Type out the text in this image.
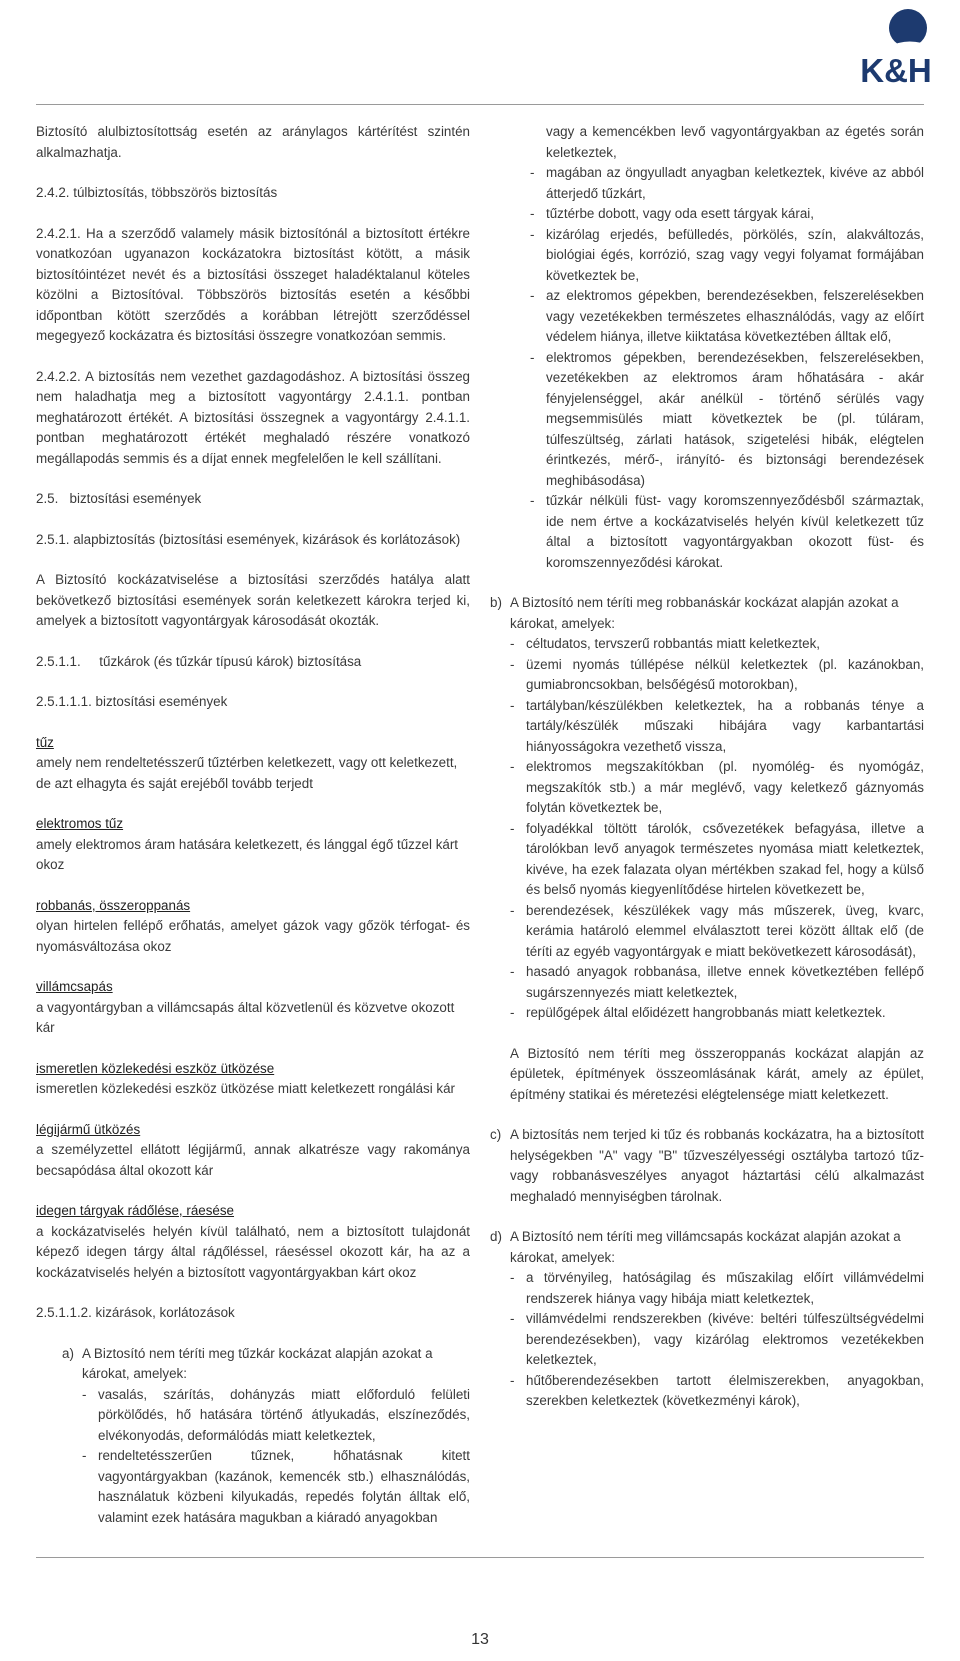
K&H

Biztosító alulbiztosítottság esetén az aránylagos kártérítést szintén alkalmazhatja.

2.4.2. túlbiztosítás, többszörös biztosítás

2.4.2.1. Ha a szerződő valamely másik biztosítónál a biztosított értékre vonatkozóan ugyanazon kockázatokra biztosítást kötött, a másik biztosítóintézet nevét és a biztosítási összeget haladéktalanul köteles közölni a Biztosítóval. Többszörös biztosítás esetén a későbbi időpontban kötött szerződés a korábban létrejött szerződéssel megegyező kockázatra és biztosítási összegre vonatkozóan semmis.

2.4.2.2. A biztosítás nem vezethet gazdagodáshoz. A biztosítási összeg nem haladhatja meg a biztosított vagyontárgy 2.4.1.1. pontban meghatározott értékét. A biztosítási összegnek a vagyontárgy 2.4.1.1. pontban meghatározott értékét meghaladó részére vonatkozó megállapodás semmis és a díjat ennek megfelelően le kell szállítani.

2.5. biztosítási események

2.5.1. alapbiztosítás (biztosítási események, kizárások és korlátozások)

A Biztosító kockázatviselése a biztosítási szerződés hatálya alatt bekövetkező biztosítási események során keletkezett károkra terjed ki, amelyek a biztosított vagyontárgyak károsodását okozták.

2.5.1.1. tűzkárok (és tűzkár típusú károk) biztosítása

2.5.1.1.1. biztosítási események

tűz

amely nem rendeltetésszerű tűztérben keletkezett, vagy ott keletkezett, de azt elhagyta és saját erejéből tovább terjedt

elektromos tűz

amely elektromos áram hatására keletkezett, és lánggal égő tűzzel kárt okoz

robbanás, összeroppanás

olyan hirtelen fellépő erőhatás, amelyet gázok vagy gőzök térfogat- és nyomásváltozása okoz

villámcsapás

a vagyontárgyban a villámcsapás által közvetlenül és közvetve okozott kár

ismeretlen közlekedési eszköz ütközése

ismeretlen közlekedési eszköz ütközése miatt keletkezett rongálási kár

légijármű ütközés

a személyzettel ellátott légijármű, annak alkatrésze vagy rakománya becsapódása által okozott kár

idegen tárgyak rádőlése, ráesése

a kockázatviselés helyén kívül található, nem a biztosított tulajdonát képező idegen tárgy által ráдőléssel, ráeséssel okozott kár, ha az a kockázatviselés helyén a biztosított vagyontárgyakban kárt okoz

2.5.1.1.2. kizárások, korlátozások

a) A Biztosító nem téríti meg tűzkár kockázat alapján azokat a károkat, amelyek:

- vasalás, szárítás, dohányzás miatt előforduló felületi pörkölődés, hő hatására történő átlyukadás, elszíneződés, elvékonyodás, deformálódás miatt keletkeztek,
- rendeltetésszerűen tűznek, hőhatásnak kitett vagyontárgyakban (kazánok, kemencék stb.) elhasználódás, használatuk közbeni kilyukadás, repedés folytán álltak elő, valamint ezek hatására magukban a kiáradó anyagokban

vagy a kemencékben levő vagyontárgyakban az égetés során keletkeztek,

- magában az öngyulladt anyagban keletkeztek, kivéve az abból átterjedő tűzkárt,
- tűztérbe dobott, vagy oda esett tárgyak kárai,
- kizárólag erjedés, befülledés, pörkölés, szín, alakváltozás, biológiai égés, korrózió, szag vagy vegyi folyamat formájában következtek be,
- az elektromos gépekben, berendezésekben, felszerelésekben vagy vezetékekben természetes elhasználódás, vagy az előírt védelem hiánya, illetve kiiktatása következtében álltak elő,
- elektromos gépekben, berendezésekben, felszerelésekben, vezetékekben az elektromos áram hőhatására - akár fényjelenséggel, akár anélkül - történő sérülés vagy megsemmisülés miatt következtek be (pl. túláram, túlfeszültség, zárlati hatások, szigetelési hibák, elégtelen érintkezés, mérő-, irányító- és biztonsági berendezések meghibásodása)
- tűzkár nélküli füst- vagy koromszennyeződésből származtak, ide nem értve a kockázatviselés helyén kívül keletkezett tűz által a biztosított vagyontárgyakban okozott füst- és koromszennyeződési károkat.
b) A Biztosító nem téríti meg robbanáskár kockázat alapján azokat a károkat, amelyek:

- céltudatos, tervszerű robbantás miatt keletkeztek,
- üzemi nyomás túllépése nélkül keletkeztek (pl. kazánokban, gumiabroncsokban, belsőégésű motorokban),
- tartályban/készülékben keletkeztek, ha a robbanás ténye a tartály/készülék műszaki hibájára vagy karbantartási hiányosságokra vezethető vissza,
- elektromos megszakítókban (pl. nyomólég- és nyomógáz, megszakítók stb.) a már meglévő, vagy keletkező gáznyomás folytán következtek be,
- folyadékkal töltött tárolók, csővezetékek befagyása, illetve a tárolókban levő anyagok természetes nyomása miatt keletkeztek, kivéve, ha ezek falazata olyan mértékben szakad fel, hogy a külső és belső nyomás kiegyenlítődése hirtelen következett be,
- berendezések, készülékek vagy más műszerek, üveg, kvarc, kerámia határoló elemmel elválasztott terei között álltak elő (de téríti az egyéb vagyontárgyak e miatt bekövetkezett károsodását),
- hasadó anyagok robbanása, illetve ennek következtében fellépő sugárszennyezés miatt keletkeztek,
- repülőgépek által előidézett hangrobbanás miatt keletkeztek.

A Biztosító nem téríti meg összeroppanás kockázat alapján az épületek, építmények összeomlásának kárát, amely az épület, építmény statikai és méretezési elégtelensége miatt keletkezett.

c) A biztosítás nem terjed ki tűz és robbanás kockázatra, ha a biztosított helységekben "A" vagy "B" tűzveszélyességi osztályba tartozó tűz- vagy robbanásveszélyes anyagot háztartási célú alkalmazást meghaladó mennyiségben tárolnak.

d) A Biztosító nem téríti meg villámcsapás kockázat alapján azokat a károkat, amelyek:

- a törvényileg, hatóságilag és műszakilag előírt villámvédelmi rendszerek hiánya vagy hibája miatt keletkeztek,
- villámvédelmi rendszerekben (kivéve: beltéri túlfeszültségvédelmi berendezésekben), vagy kizárólag elektromos vezetékekben keletkeztek,
- hűtőberendezésekben tartott élelmiszerekben, anyagokban, szerekben keletkeztek (következményi károk),
13
